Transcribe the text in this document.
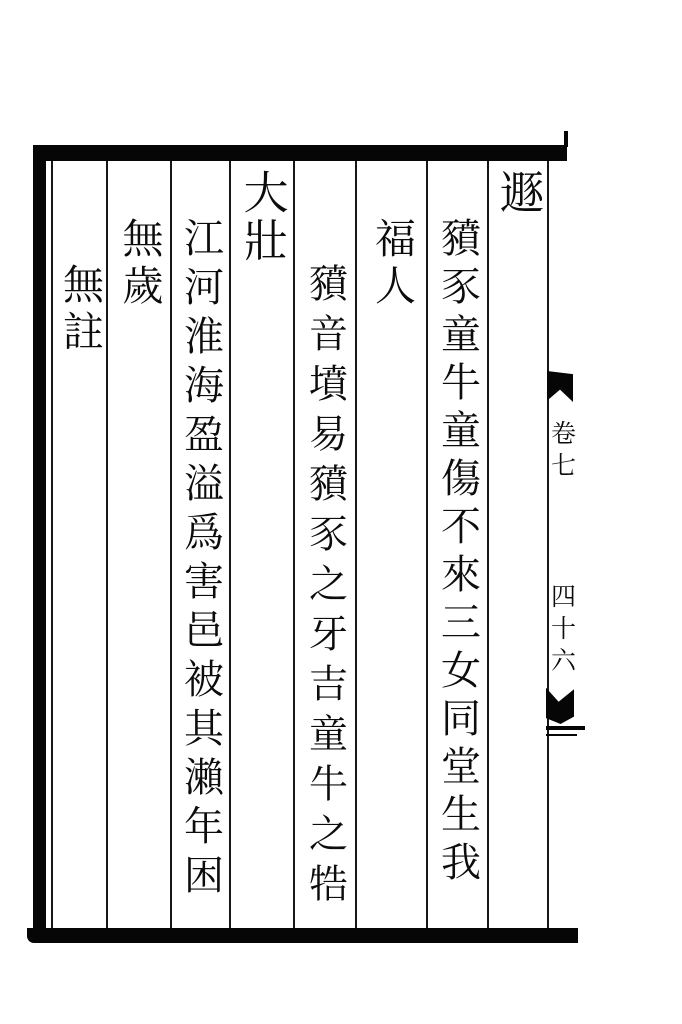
遯
豶豕童牛童傷不來三女同堂生我
福人
豶音墳易豶豕之牙吉童牛之牿
大壯
江河淮海盈溢爲害邑被其瀨年困
無歲
無註
卷七
四十六
